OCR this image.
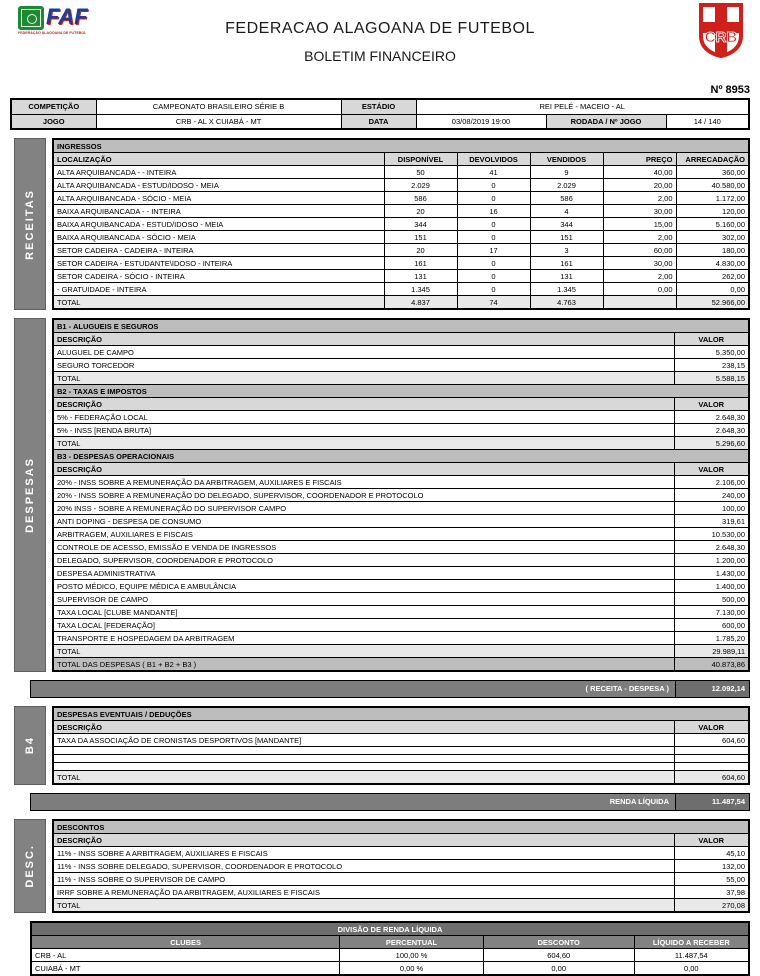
FAF
FEDERAÇÃO ALAGOANA DE FUTEBOL	FEDERACAO ALAGOANA DE FUTEBOL
BOLETIM FINANCEIRO
CRB
Nº 8953
COMPETIÇÃO	CAMPEONATO BRASILEIRO SÉRIE B	ESTÁDIO	REI PELÉ - MACEIO - AL		
JOGO	CRB - AL X CUIABÁ - MT	DATA	03/08/2019 19:00	RODADA / Nº JOGO	14 / 140
RECEITAS
INGRESSOS					
LOCALIZAÇÃO	DISPONÍVEL	DEVOLVIDOS	VENDIDOS	PREÇO	ARRECADAÇÃO
ALTA ARQUIBANCADA - - INTEIRA	50	41	9	40,00	360,00
ALTA ARQUIBANCADA - ESTUD/IDOSO - MEIA	2.029	0	2.029	20,00	40.580,00
ALTA ARQUIBANCADA - SÓCIO - MEIA	586	0	586	2,00	1.172,00
BAIXA ARQUIBANCADA - - INTEIRA	20	16	4	30,00	120,00
BAIXA ARQUIBANCADA - ESTUD/IDOSO - MEIA	344	0	344	15,00	5.160,00
BAIXA ARQUIBANCADA - SÓCIO - MEIA	151	0	151	2,00	302,00
SETOR CADEIRA - CADEIRA - INTEIRA	20	17	3	60,00	180,00
SETOR CADEIRA - ESTUDANTE\IDOSO - INTEIRA	161	0	161	30,00	4.830,00
SETOR CADEIRA - SÓCIO - INTEIRA	131	0	131	2,00	262,00
- GRATUIDADE - INTEIRA	1.345	0	1.345	0,00	0,00
TOTAL	4.837	74	4.763		52.966,00
DESPESAS
B1 - ALUGUEIS E SEGUROS	
DESCRIÇÃO	VALOR
ALUGUEL DE CAMPO	5.350,00
SEGURO TORCEDOR	238,15
TOTAL	5.588,15
B2 - TAXAS E IMPOSTOS	
DESCRIÇÃO	VALOR
5% - FEDERAÇÃO LOCAL	2.648,30
5% - INSS [RENDA BRUTA]	2.648,30
TOTAL	5.296,60
B3 - DESPESAS OPERACIONAIS	
DESCRIÇÃO	VALOR
20% - INSS SOBRE A REMUNERAÇÃO DA ARBITRAGEM, AUXILIARES E FISCAIS	2.106,00
20% - INSS SOBRE A REMUNERAÇÃO DO DELEGADO, SUPERVISOR, COORDENADOR E PROTOCOLO	240,00
20% INSS - SOBRE A REMUNERAÇÃO DO SUPERVISOR CAMPO	100,00
ANTI DOPING - DESPESA DE CONSUMO	319,61
ARBITRAGEM, AUXILIARES E FISCAIS	10.530,00
CONTROLE DE ACESSO, EMISSÃO E VENDA DE INGRESSOS	2.648,30
DELEGADO, SUPERVISOR, COORDENADOR E PROTOCOLO	1.200,00
DESPESA ADMINISTRATIVA	1.430,00
POSTO MÉDICO, EQUIPE MÉDICA E AMBULÂNCIA	1.400,00
SUPERVISOR DE CAMPO	500,00
TAXA LOCAL [CLUBE MANDANTE]	7.130,00
TAXA LOCAL [FEDERAÇÃO]	600,00
TRANSPORTE E HOSPEDAGEM DA ARBITRAGEM	1.785,20
TOTAL	29.989,11
TOTAL DAS DESPESAS ( B1 + B2 + B3 )	40.873,86
( RECEITA - DESPESA )	12.092,14
B4
DESPESAS EVENTUAIS / DEDUÇÕES	
DESCRIÇÃO	VALOR
TAXA DA ASSOCIAÇÃO DE CRONISTAS DESPORTIVOS [MANDANTE]	604,60

TOTAL	604,60
RENDA LÍQUIDA	11.487,54
DESC.
DESCONTOS	
DESCRIÇÃO	VALOR
11% - INSS SOBRE A ARBITRAGEM, AUXILIARES E FISCAIS	45,10
11% - INSS SOBRE DELEGADO, SUPERVISOR, COORDENADOR E PROTOCOLO	132,00
11% - INSS SOBRE O SUPERVISOR DE CAMPO	55,00
IRRF SOBRE A REMUNERAÇÃO DA ARBITRAGEM, AUXILIARES E FISCAIS	37,98
TOTAL	270,08
DIVISÃO DE RENDA LÍQUIDA			
CLUBES	PERCENTUAL	DESCONTO	LÍQUIDO A RECEBER
CRB - AL	100,00 %	604,60	11.487,54
CUIABÁ - MT	0,00 %	0,00	0,00
